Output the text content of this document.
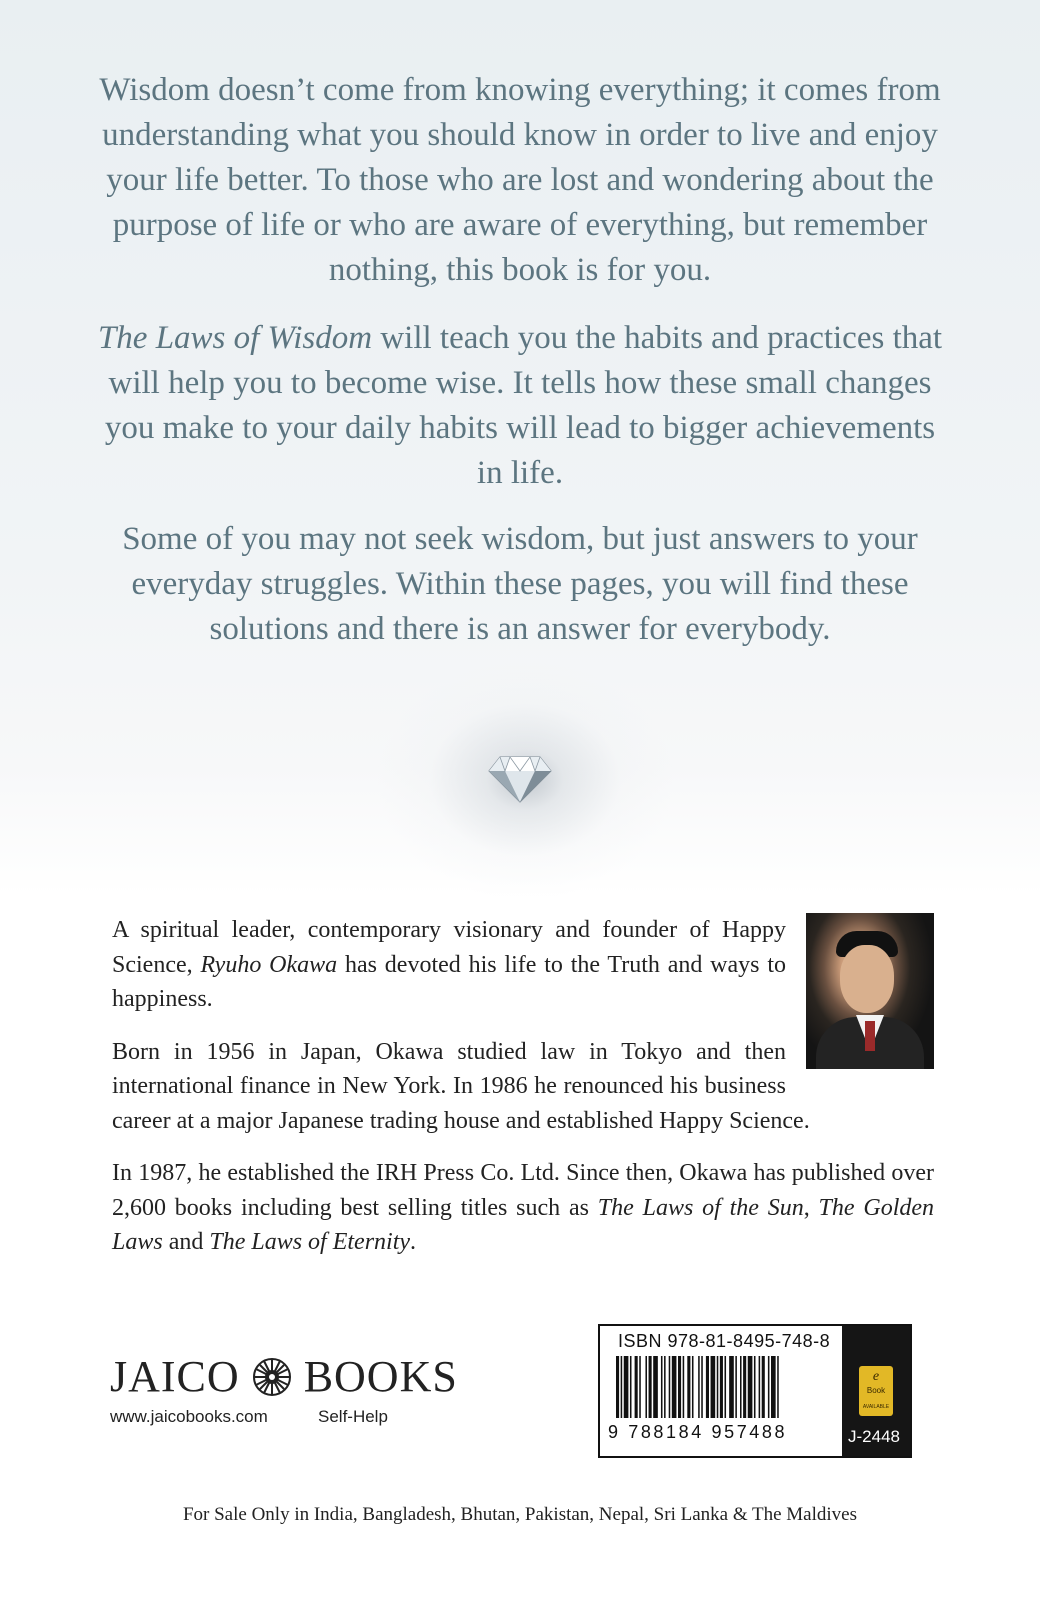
Wisdom doesn’t come from knowing everything; it comes from understanding what you should know in order to live and enjoy your life better. To those who are lost and wondering about the purpose of life or who are aware of everything, but remember nothing, this book is for you.

The Laws of Wisdom will teach you the habits and practices that will help you to become wise. It tells how these small changes you make to your daily habits will lead to bigger achievements in life.

Some of you may not seek wisdom, but just answers to your everyday struggles. Within these pages, you will find these solutions and there is an answer for everybody.

A spiritual leader, contemporary visionary and founder of Happy Science, Ryuho Okawa has devoted his life to the Truth and ways to happiness.

Born in 1956 in Japan, Okawa studied law in Tokyo and then international finance in New York. In 1986 he renounced his business career at a major Japanese trading house and established Happy Science.

In 1987, he established the IRH Press Co. Ltd. Since then, Okawa has published over 2,600 books including best selling titles such as The Laws of the Sun, The Golden Laws and The Laws of Eternity.

JAICO BOOKS
www.jaicobooks.com	Self-Help
ISBN 978-81-8495-748-8
9 788184 957488
e
Book
AVAILABLE
J-2448
For Sale Only in India, Bangladesh, Bhutan, Pakistan, Nepal, Sri Lanka & The Maldives
